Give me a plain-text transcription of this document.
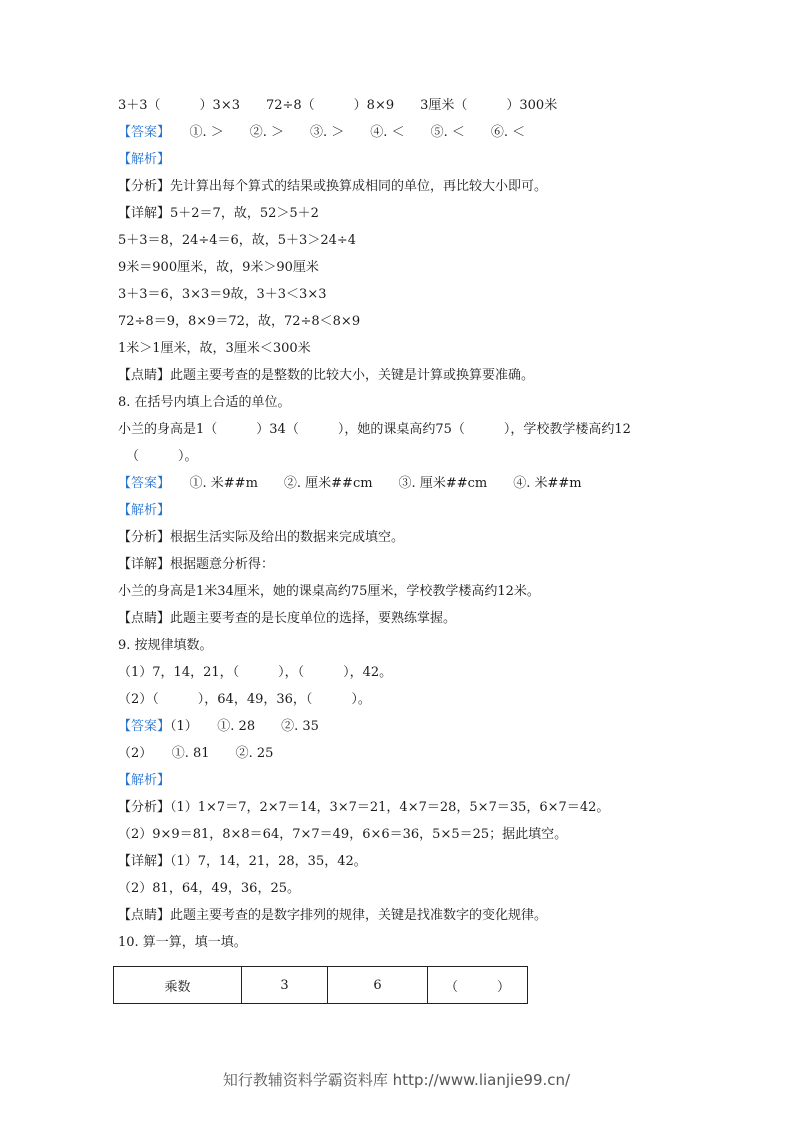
3＋3（　　　）3×3　　72÷8（　　　）8×9　　3厘米（　　　）300米
【答案】　　①. ＞　　②. ＞　　③. ＞　　④. ＜　　⑤. ＜　　⑥. ＜
【解析】
【分析】先计算出每个算式的结果或换算成相同的单位，再比较大小即可。
【详解】5＋2＝7，故，52＞5＋2
5＋3＝8，24÷4＝6，故，5＋3＞24÷4
9米＝900厘米，故，9米＞90厘米
3＋3＝6，3×3＝9故，3＋3＜3×3
72÷8＝9，8×9＝72，故，72÷8＜8×9
1米＞1厘米，故，3厘米＜300米
【点睛】此题主要考查的是整数的比较大小，关键是计算或换算要准确。
8. 在括号内填上合适的单位。
小兰的身高是1（　　　）34（　　　），她的课桌高约75（　　　），学校教学楼高约12
（　　　）。
【答案】　　①. 米##m　　②. 厘米##cm　　③. 厘米##cm　　④. 米##m
【解析】
【分析】根据生活实际及给出的数据来完成填空。
【详解】根据题意分析得：
小兰的身高是1米34厘米，她的课桌高约75厘米，学校教学楼高约12米。
【点睛】此题主要考查的是长度单位的选择，要熟练掌握。
9. 按规律填数。
（1）7，14，21，（　　　），（　　　），42。
（2）（　　　），64，49，36，（　　　）。
【答案】（1）　　①. 28　　②. 35
（2）　　①. 81　　②. 25
【解析】
【分析】（1）1×7＝7，2×7＝14，3×7＝21，4×7＝28，5×7＝35，6×7＝42。
（2）9×9＝81，8×8＝64，7×7＝49，6×6＝36，5×5＝25；据此填空。
【详解】（1）7，14，21，28，35，42。
（2）81，64，49，36，25。
【点睛】此题主要考查的是数字排列的规律，关键是找准数字的变化规律。
10. 算一算，填一填。
乘数	3	6	（　　　）
知行教辅资料学霸资料库 http://www.lianjie99.cn/
